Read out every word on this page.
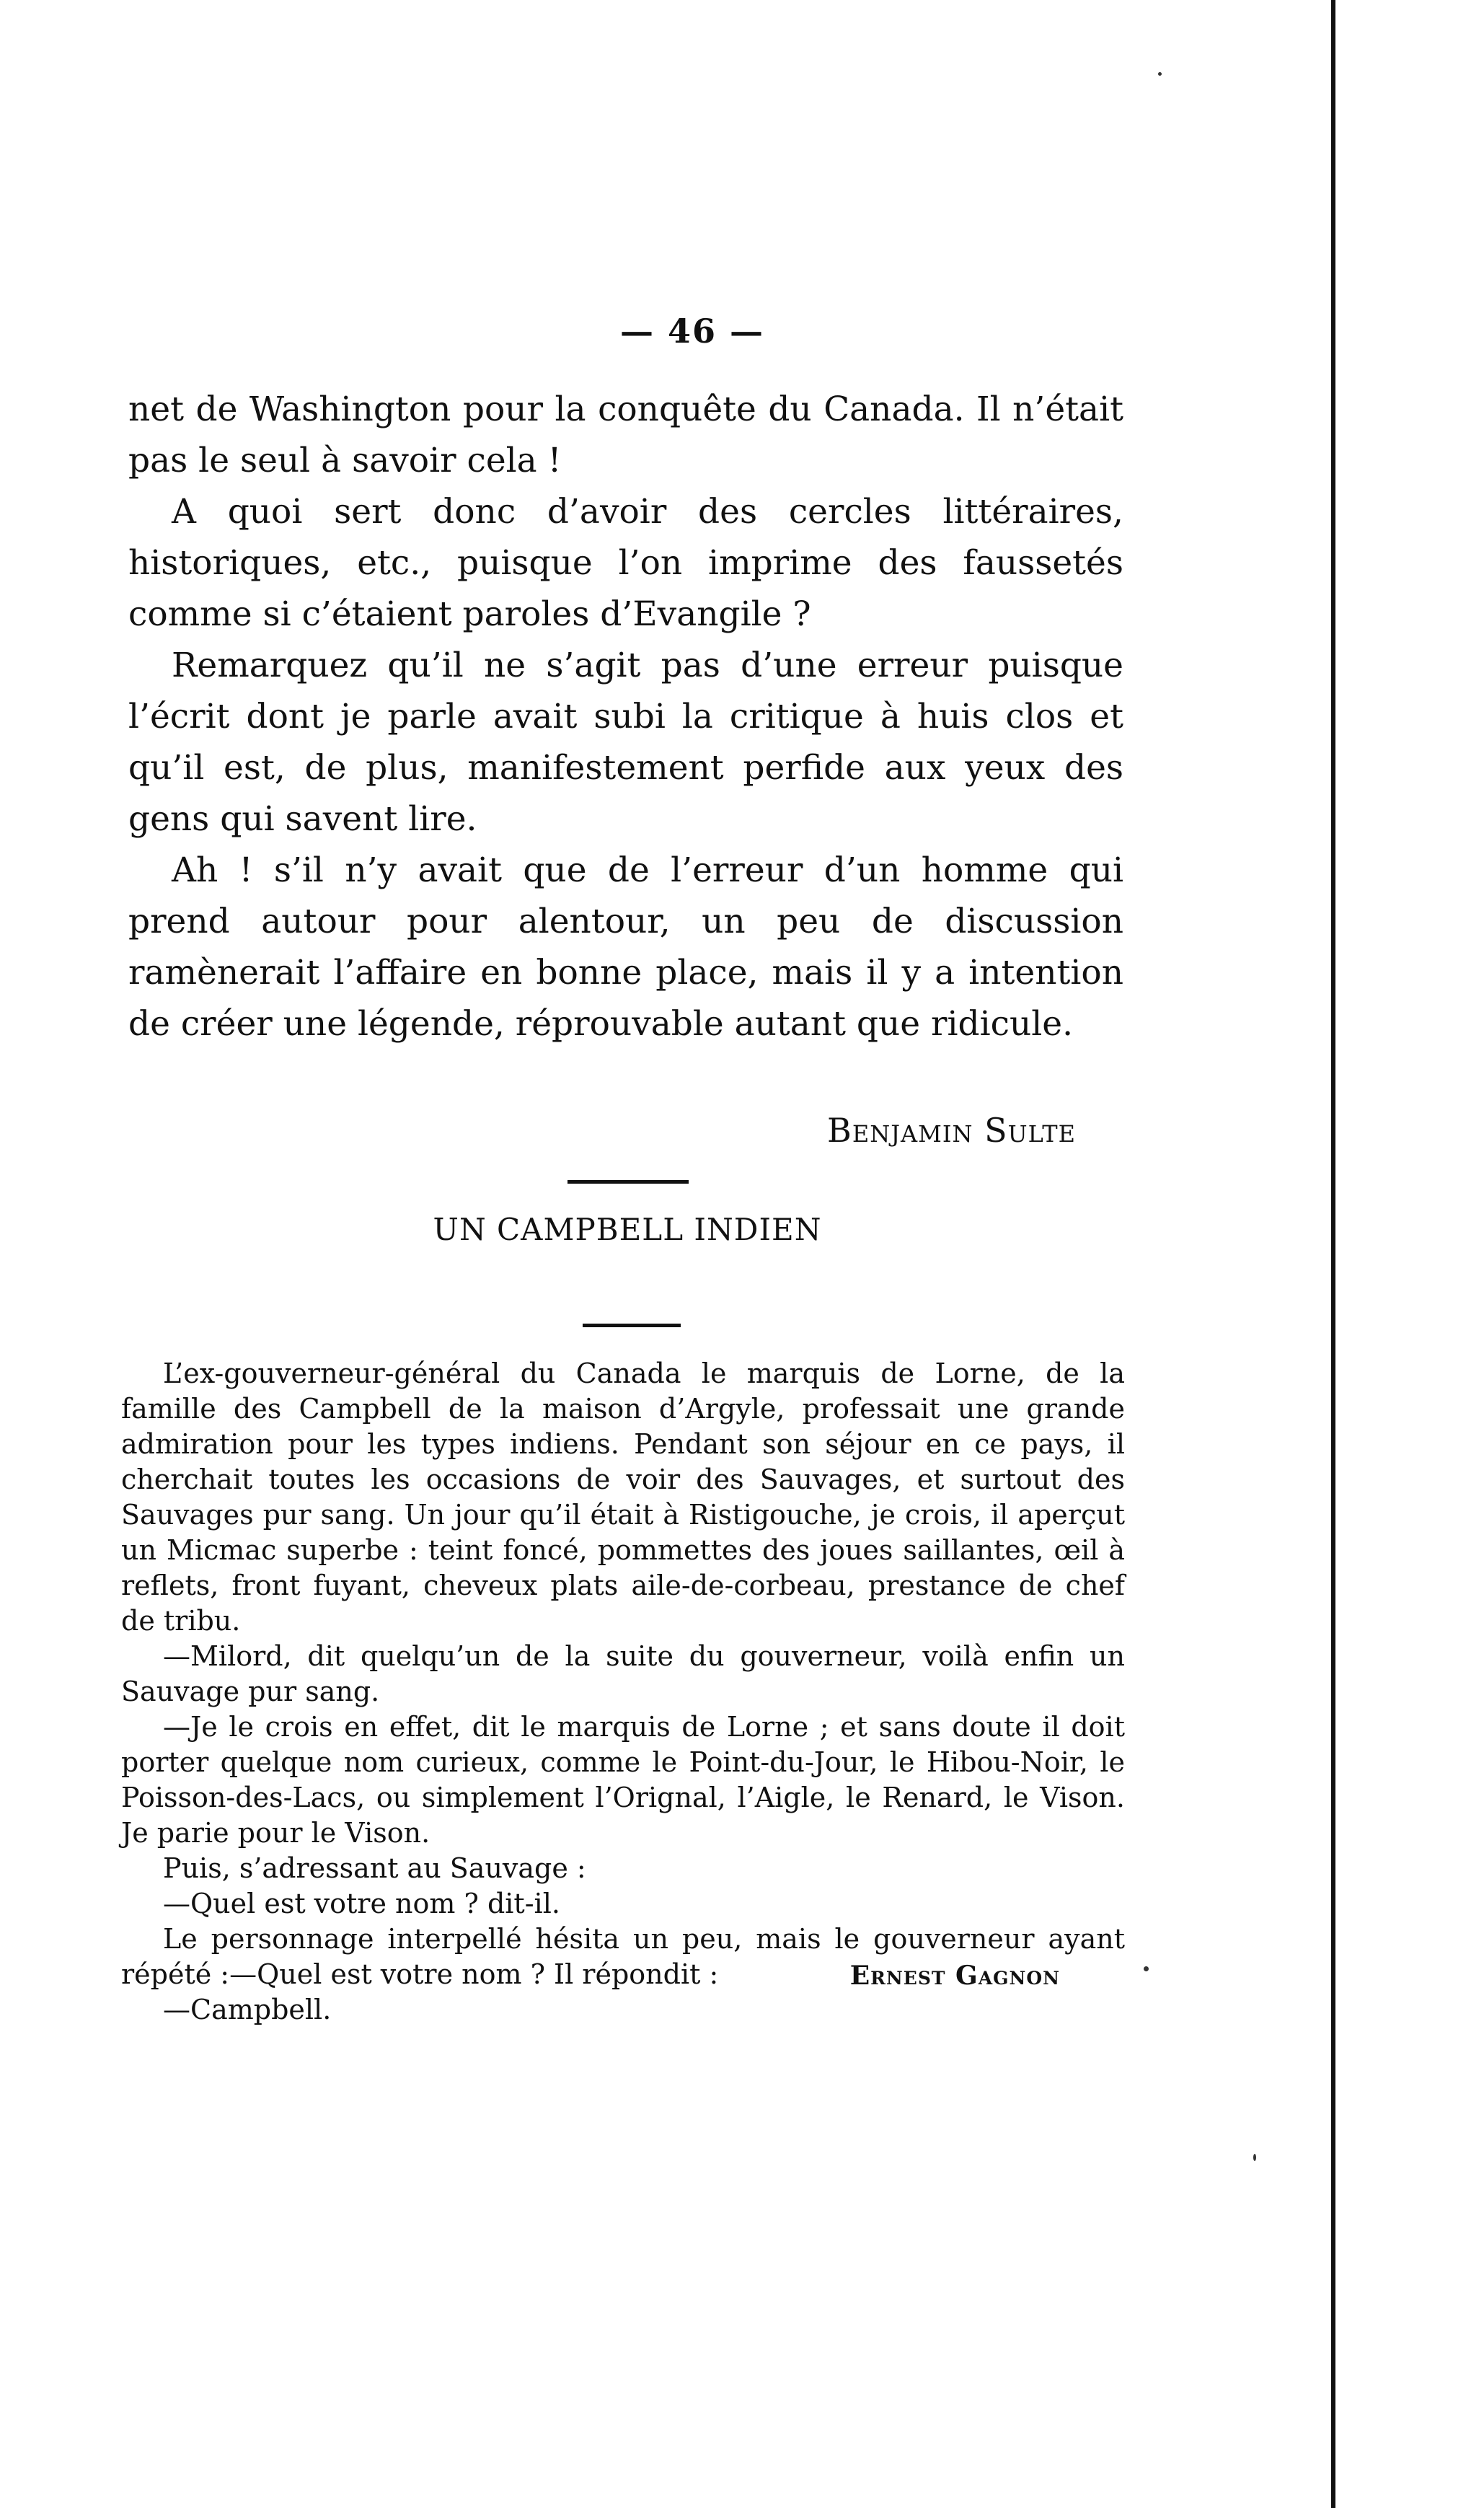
— 46 —

net de Washington pour la conquête du Canada. Il n’était pas le seul à savoir cela !

A quoi sert donc d’avoir des cercles littéraires, historiques, etc., puisque l’on imprime des faussetés comme si c’étaient paroles d’Evangile ?

Remarquez qu’il ne s’agit pas d’une erreur puisque l’écrit dont je parle avait subi la critique à huis clos et qu’il est, de plus, manifestement perfide aux yeux des gens qui savent lire.

Ah ! s’il n’y avait que de l’erreur d’un homme qui prend autour pour alentour, un peu de discussion ramènerait l’affaire en bonne place, mais il y a intention de créer une légende, réprouvable autant que ridicule.

Benjamin Sulte
UN CAMPBELL INDIEN

L’ex-gouverneur-général du Canada le marquis de Lorne, de la famille des Campbell de la maison d’Argyle, professait une grande admiration pour les types indiens. Pendant son séjour en ce pays, il cherchait toutes les occasions de voir des Sauvages, et surtout des Sauvages pur sang. Un jour qu’il était à Ristigouche, je crois, il aperçut un Micmac superbe : teint foncé, pommettes des joues saillantes, œil à reflets, front fuyant, cheveux plats aile-de-corbeau, prestance de chef de tribu.

—Milord, dit quelqu’un de la suite du gouverneur, voilà enfin un Sauvage pur sang.

—Je le crois en effet, dit le marquis de Lorne ; et sans doute il doit porter quelque nom curieux, comme le Point-du-Jour, le Hibou-Noir, le Poisson-des-Lacs, ou simplement l’Orignal, l’Aigle, le Renard, le Vison. Je parie pour le Vison.

Puis, s’adressant au Sauvage :

—Quel est votre nom ? dit-il.

Le personnage interpellé hésita un peu, mais le gouverneur ayant répété :—Quel est votre nom ? Il répondit :

—Campbell.

Ernest Gagnon
